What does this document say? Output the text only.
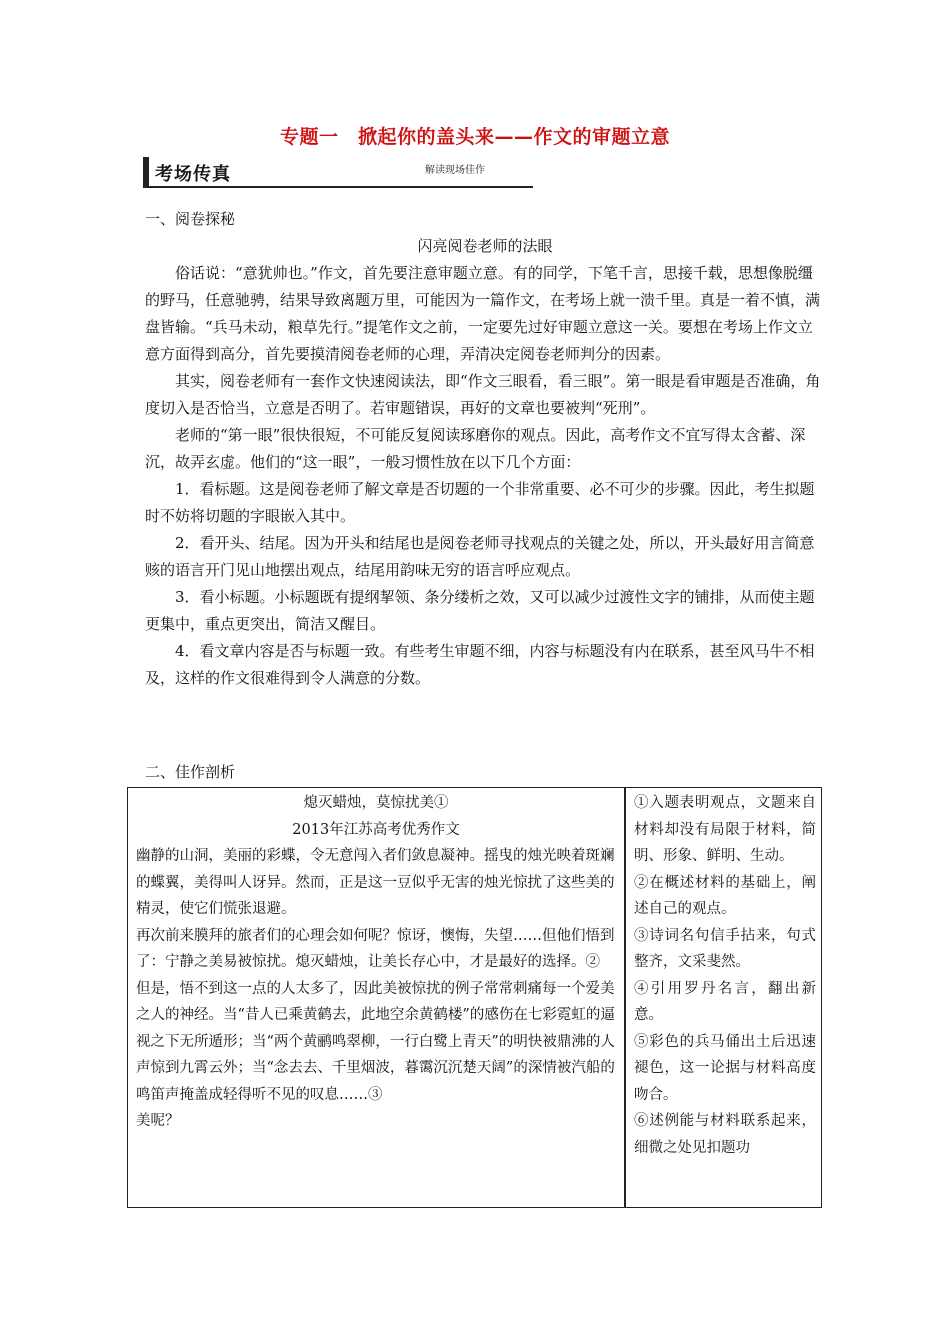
专题一　掀起你的盖头来——作文的审题立意
考场传真	解读现场佳作
一、阅卷探秘
闪亮阅卷老师的法眼

俗话说：“意犹帅也。”作文，首先要注意审题立意。有的同学，下笔千言，思接千载，思想像脱缰的野马，任意驰骋，结果导致离题万里，可能因为一篇作文，在考场上就一溃千里。真是一着不慎，满盘皆输。“兵马未动，粮草先行。”提笔作文之前，一定要先过好审题立意这一关。要想在考场上作文立意方面得到高分，首先要摸清阅卷老师的心理，弄清决定阅卷老师判分的因素。

其实，阅卷老师有一套作文快速阅读法，即“作文三眼看，看三眼”。第一眼是看审题是否准确，角度切入是否恰当，立意是否明了。若审题错误，再好的文章也要被判“死刑”。

老师的“第一眼”很快很短，不可能反复阅读琢磨你的观点。因此，高考作文不宜写得太含蓄、深沉，故弄玄虚。他们的“这一眼”，一般习惯性放在以下几个方面：

1．看标题。这是阅卷老师了解文章是否切题的一个非常重要、必不可少的步骤。因此，考生拟题时不妨将切题的字眼嵌入其中。

2．看开头、结尾。因为开头和结尾也是阅卷老师寻找观点的关键之处，所以，开头最好用言简意赅的语言开门见山地摆出观点，结尾用韵味无穷的语言呼应观点。

3．看小标题。小标题既有提纲挈领、条分缕析之效，又可以减少过渡性文字的铺排，从而使主题更集中，重点更突出，简洁又醒目。

4．看文章内容是否与标题一致。有些考生审题不细，内容与标题没有内在联系，甚至风马牛不相及，这样的作文很难得到令人满意的分数。

二、佳作剖析

熄灭蜡烛，莫惊扰美①

2013年江苏高考优秀作文

幽静的山洞，美丽的彩蝶，令无意闯入者们敛息凝神。摇曳的烛光映着斑斓的蝶翼，美得叫人讶异。然而，正是这一豆似乎无害的烛光惊扰了这些美的精灵，使它们慌张退避。

再次前来膜拜的旅者们的心理会如何呢？惊讶，懊悔，失望……但他们悟到了：宁静之美易被惊扰。熄灭蜡烛，让美长存心中，才是最好的选择。②

但是，悟不到这一点的人太多了，因此美被惊扰的例子常常刺痛每一个爱美之人的神经。当“昔人已乘黄鹤去，此地空余黄鹤楼”的感伤在七彩霓虹的逼视之下无所遁形；当“两个黄鹂鸣翠柳，一行白鹭上青天”的明快被鼎沸的人声惊到九霄云外；当“念去去、千里烟波，暮霭沉沉楚天阔”的深情被汽船的鸣笛声掩盖成轻得听不见的叹息……③

美呢？

①入题表明观点，文题来自材料却没有局限于材料，简明、形象、鲜明、生动。

②在概述材料的基础上，阐述自己的观点。

③诗词名句信手拈来，句式整齐，文采斐然。

④引用罗丹名言，翻出新意。

⑤彩色的兵马俑出土后迅速褪色，这一论据与材料高度吻合。

⑥述例能与材料联系起来，细微之处见扣题功
